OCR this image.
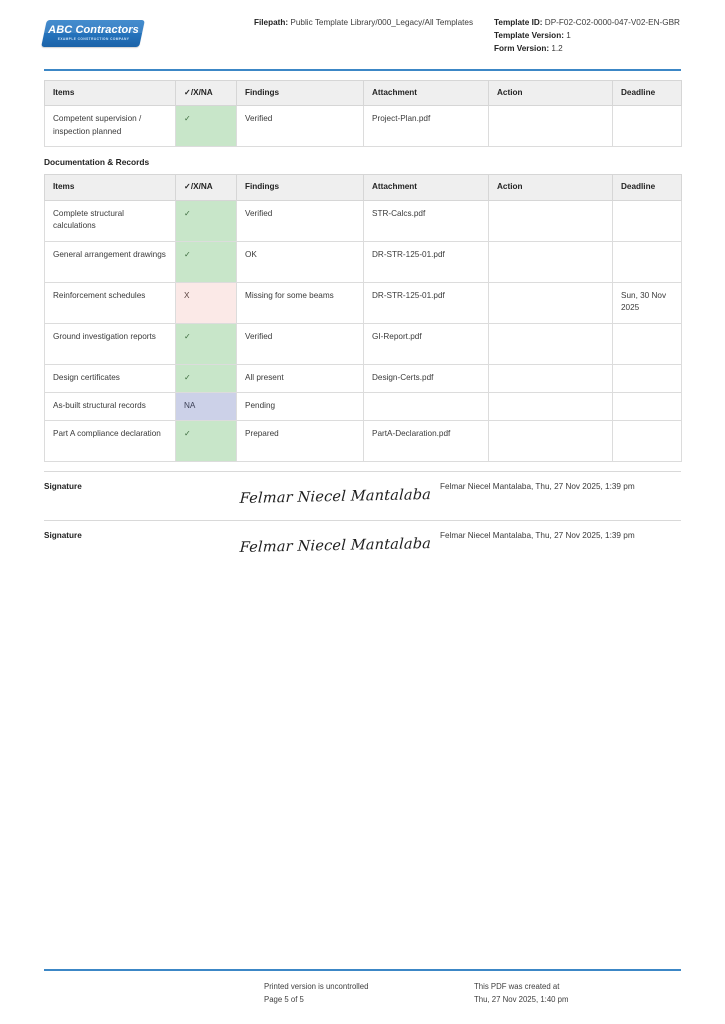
ABC Contractors
EXAMPLE CONSTRUCTION COMPANY
Filepath: Public Template Library/000_Legacy/All Templates	Template ID: DP-F02-C02-0000-047-V02-EN-GBR
Template Version: 1
Form Version: 1.2
Items	✓/X/NA	Findings	Attachment	Action	Deadline
Competent supervision / inspection planned	✓	Verified	Project-Plan.pdf		
Documentation & Records
Items	✓/X/NA	Findings	Attachment	Action	Deadline
Complete structural calculations	✓	Verified	STR-Calcs.pdf		
General arrangement drawings	✓	OK	DR-STR-125-01.pdf		
Reinforcement schedules	X	Missing for some beams	DR-STR-125-01.pdf		Sun, 30 Nov 2025
Ground investigation reports	✓	Verified	GI-Report.pdf		
Design certificates	✓	All present	Design-Certs.pdf		
As-built structural records	NA	Pending			
Part A compliance declaration	✓	Prepared	PartA-Declaration.pdf		
Signature
Felmar Niecel Mantalaba
Felmar Niecel Mantalaba, Thu, 27 Nov 2025, 1:39 pm
Signature
Felmar Niecel Mantalaba
Felmar Niecel Mantalaba, Thu, 27 Nov 2025, 1:39 pm
Printed version is uncontrolled
Page 5 of 5
This PDF was created at
Thu, 27 Nov 2025, 1:40 pm
